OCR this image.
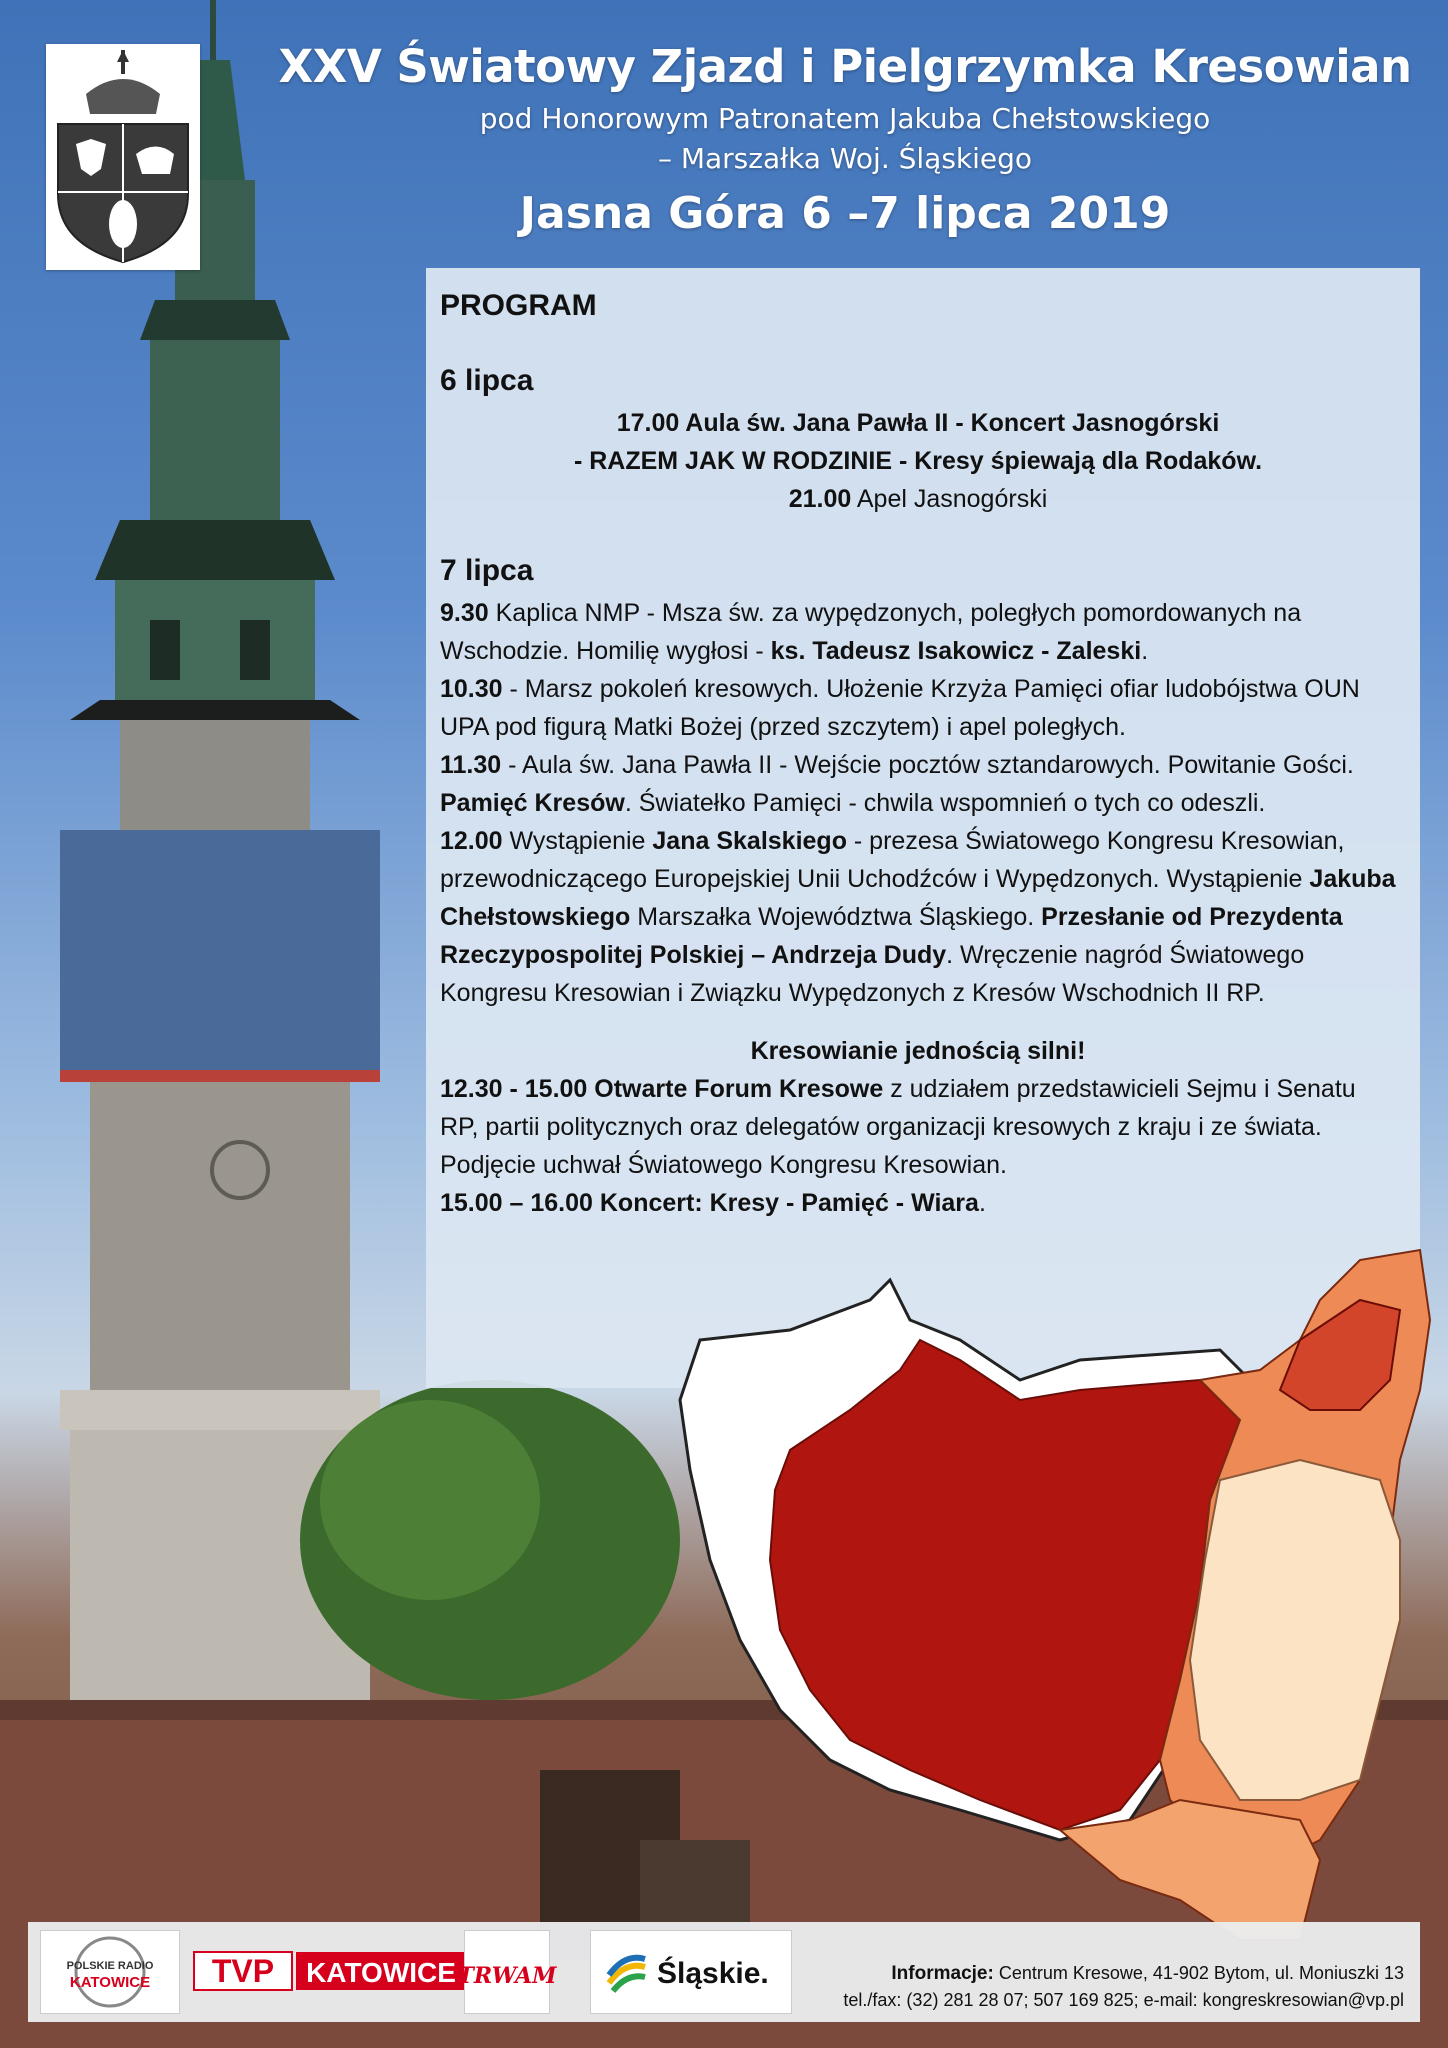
XXV Światowy Zjazd i Pielgrzymka Kresowian
pod Honorowym Patronatem Jakuba Chełstowskiego
– Marszałka Woj. Śląskiego
Jasna Góra 6 –7 lipca 2019
PROGRAM
6 lipca
17.00 Aula św. Jana Pawła II - Koncert Jasnogórski
- RAZEM JAK W RODZINIE - Kresy śpiewają dla Rodaków.
21.00 Apel Jasnogórski
7 lipca
9.30 Kaplica NMP - Msza św. za wypędzonych, poległych pomordowanych na Wschodzie. Homilię wygłosi - ks. Tadeusz Isakowicz - Zaleski.
10.30 - Marsz pokoleń kresowych. Ułożenie Krzyża Pamięci ofiar ludobójstwa OUN UPA pod figurą Matki Bożej (przed szczytem) i apel poległych.
11.30 - Aula św. Jana Pawła II - Wejście pocztów sztandarowych. Powitanie Gości. Pamięć Kresów. Światełko Pamięci - chwila wspomnień o tych co odeszli.
12.00 Wystąpienie Jana Skalskiego - prezesa Światowego Kongresu Kresowian, przewodniczącego Europejskiej Unii Uchodźców i Wypędzonych. Wystąpienie Jakuba Chełstowskiego Marszałka Województwa Śląskiego. Przesłanie od Prezydenta Rzeczypospolitej Polskiej – Andrzeja Dudy. Wręczenie nagród Światowego Kongresu Kresowian i Związku Wypędzonych z Kresów Wschodnich II RP.
Kresowianie jednością silni!
12.30 - 15.00 Otwarte Forum Kresowe z udziałem przedstawicieli Sejmu i Senatu RP, partii politycznych oraz delegatów organizacji kresowych z kraju i ze świata. Podjęcie uchwał Światowego Kongresu Kresowian.
15.00 – 16.00 Koncert: Kresy - Pamięć - Wiara.
POLSKIE RADIO
KATOWICE TVP KATOWICE TRWAM	Śląskie.	Informacje: Centrum Kresowe, 41-902 Bytom, ul. Moniuszki 13
tel./fax: (32) 281 28 07; 507 169 825; e-mail: kongreskresowian@vp.pl
